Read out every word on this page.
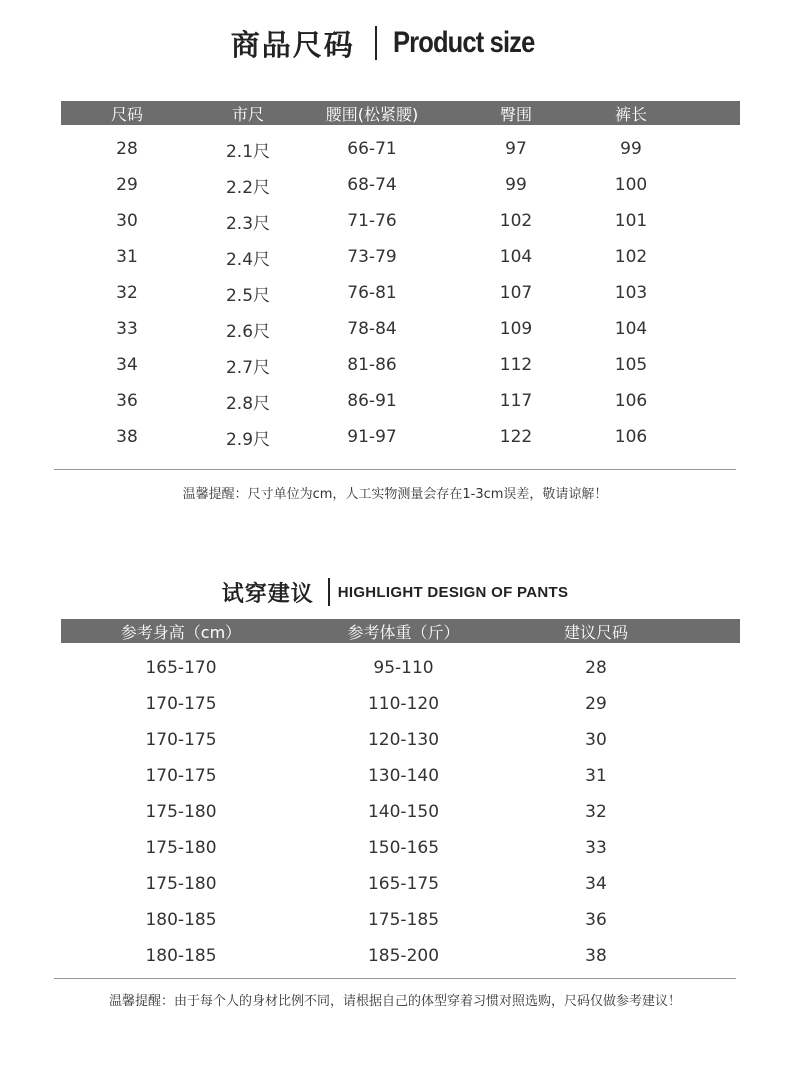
商品尺码 Product size
尺码	市尺	腰围(松紧腰)	臀围	裤长
28	2.1尺	66-71	97	99
29	2.2尺	68-74	99	100
30	2.3尺	71-76	102	101
31	2.4尺	73-79	104	102
32	2.5尺	76-81	107	103
33	2.6尺	78-84	109	104
34	2.7尺	81-86	112	105
36	2.8尺	86-91	117	106
38	2.9尺	91-97	122	106
温馨提醒：尺寸单位为cm，人工实物测量会存在1-3cm误差，敬请谅解！
试穿建议 HIGHLIGHT DESIGN OF PANTS
参考身高（cm）	参考体重（斤）	建议尺码
165-170	95-110	28
170-175	110-120	29
170-175	120-130	30
170-175	130-140	31
175-180	140-150	32
175-180	150-165	33
175-180	165-175	34
180-185	175-185	36
180-185	185-200	38
温馨提醒：由于每个人的身材比例不同，请根据自己的体型穿着习惯对照选购，尺码仅做参考建议！
